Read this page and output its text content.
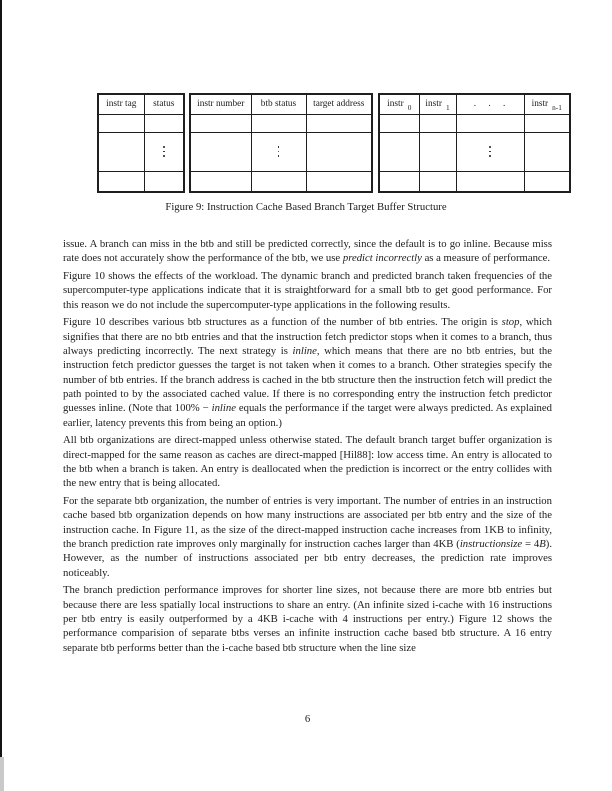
instr tag	status

	instr number	btb status	target address

		instr $_0$	instr $_1$	. . .	instr $_{n-1}$

Figure 9: Instruction Cache Based Branch Target Buffer Structure

issue. A branch can miss in the btb and still be predicted correctly, since the default is to go inline. Because miss rate does not accurately show the performance of the btb, we use predict incorrectly as a measure of performance.

Figure 10 shows the effects of the workload. The dynamic branch and predicted branch taken frequencies of the supercomputer-type applications indicate that it is straightforward for a small btb to get good performance. For this reason we do not include the supercomputer-type applications in the following results.

Figure 10 describes various btb structures as a function of the number of btb entries. The origin is stop, which signifies that there are no btb entries and that the instruction fetch predictor stops when it comes to a branch, thus always predicting incorrectly. The next strategy is inline, which means that there are no btb entries, but the instruction fetch predictor guesses the target is not taken when it comes to a branch. Other strategies specify the number of btb entries. If the branch address is cached in the btb structure then the instruction fetch will predict the path pointed to by the associated cached value. If there is no corresponding entry the instruction fetch predictor guesses inline. (Note that 100% − inline equals the performance if the target were always predicted. As explained earlier, latency prevents this from being an option.)

All btb organizations are direct-mapped unless otherwise stated. The default branch target buffer organization is direct-mapped for the same reason as caches are direct-mapped [Hil88]: low access time. An entry is allocated to the btb when a branch is taken. An entry is deallocated when the prediction is incorrect or the entry collides with the new entry that is being allocated.

For the separate btb organization, the number of entries is very important. The number of entries in an instruction cache based btb organization depends on how many instructions are associated per btb entry and the size of the instruction cache. In Figure 11, as the size of the direct-mapped instruction cache increases from 1KB to infinity, the branch prediction rate improves only marginally for instruction caches larger than 4KB (instructionsize = 4B). However, as the number of instructions associated per btb entry decreases, the prediction rate improves noticeably.

The branch prediction performance improves for shorter line sizes, not because there are more btb entries but because there are less spatially local instructions to share an entry. (An infinite sized i-cache with 16 instructions per btb entry is easily outperformed by a 4KB i-cache with 4 instructions per entry.) Figure 12 shows the performance comparision of separate btbs verses an infinite instruction cache based btb structure. A 16 entry separate btb performs better than the i-cache based btb structure when the line size

6
